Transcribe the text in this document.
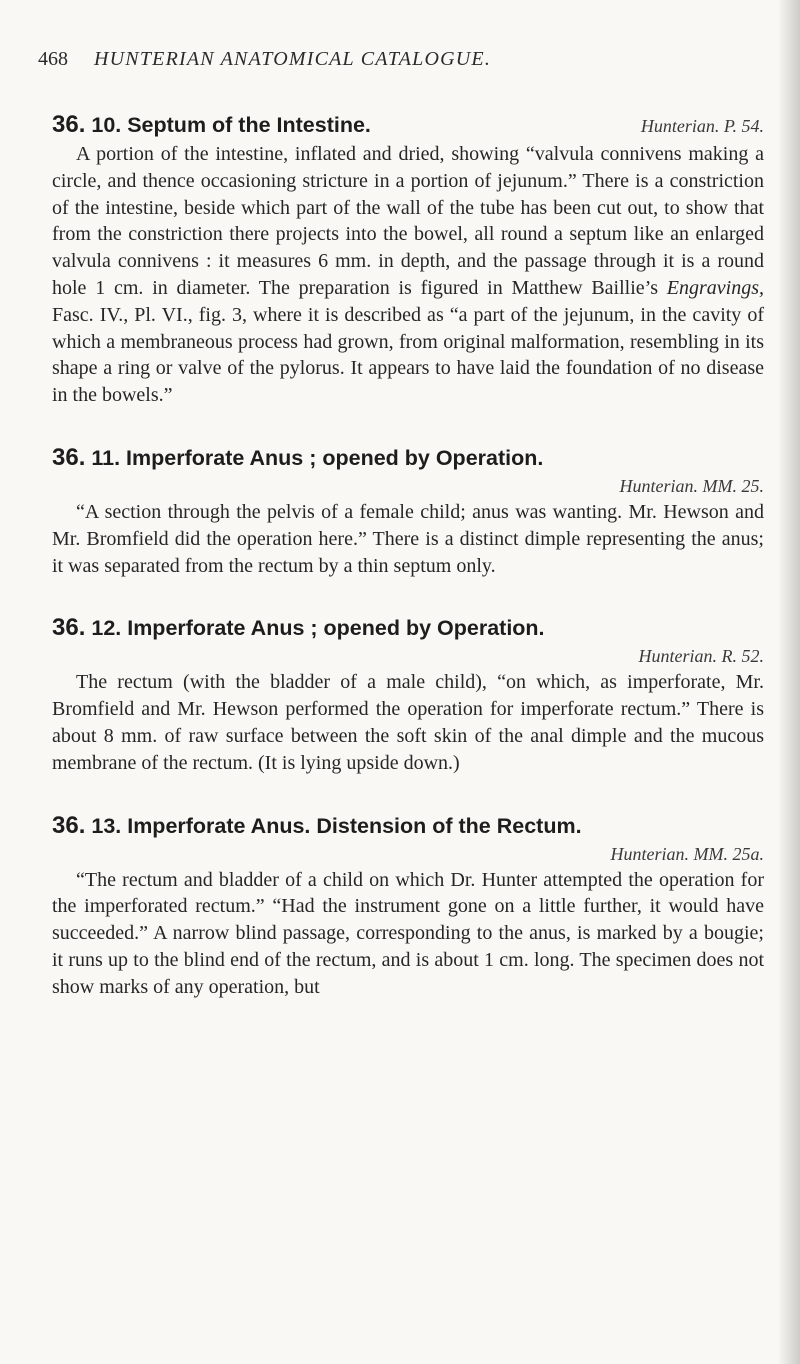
468 HUNTERIAN ANATOMICAL CATALOGUE.
36. 10. Septum of the Intestine.	Hunterian. P. 54.

A portion of the intestine, inflated and dried, showing “valvula connivens making a circle, and thence occasioning stricture in a portion of jejunum.” There is a constriction of the intestine, beside which part of the wall of the tube has been cut out, to show that from the constriction there projects into the bowel, all round a septum like an enlarged valvula connivens : it measures 6 mm. in depth, and the passage through it is a round hole 1 cm. in diameter. The preparation is figured in Matthew Baillie’s Engravings, Fasc. IV., Pl. VI., fig. 3, where it is described as “a part of the jejunum, in the cavity of which a membraneous process had grown, from original malformation, resembling in its shape a ring or valve of the pylorus. It appears to have laid the foundation of no disease in the bowels.”

36. 11. Imperforate Anus ; opened by Operation.
Hunterian. MM. 25.

“A section through the pelvis of a female child; anus was wanting. Mr. Hewson and Mr. Bromfield did the operation here.” There is a distinct dimple representing the anus; it was separated from the rectum by a thin septum only.

36. 12. Imperforate Anus ; opened by Operation.
Hunterian. R. 52.

The rectum (with the bladder of a male child), “on which, as imperforate, Mr. Bromfield and Mr. Hewson performed the operation for imperforate rectum.” There is about 8 mm. of raw surface between the soft skin of the anal dimple and the mucous membrane of the rectum. (It is lying upside down.)

36. 13. Imperforate Anus. Distension of the Rectum.
Hunterian. MM. 25a.

“The rectum and bladder of a child on which Dr. Hunter attempted the operation for the imperforated rectum.” “Had the instrument gone on a little further, it would have succeeded.” A narrow blind passage, corresponding to the anus, is marked by a bougie; it runs up to the blind end of the rectum, and is about 1 cm. long. The specimen does not show marks of any operation, but
